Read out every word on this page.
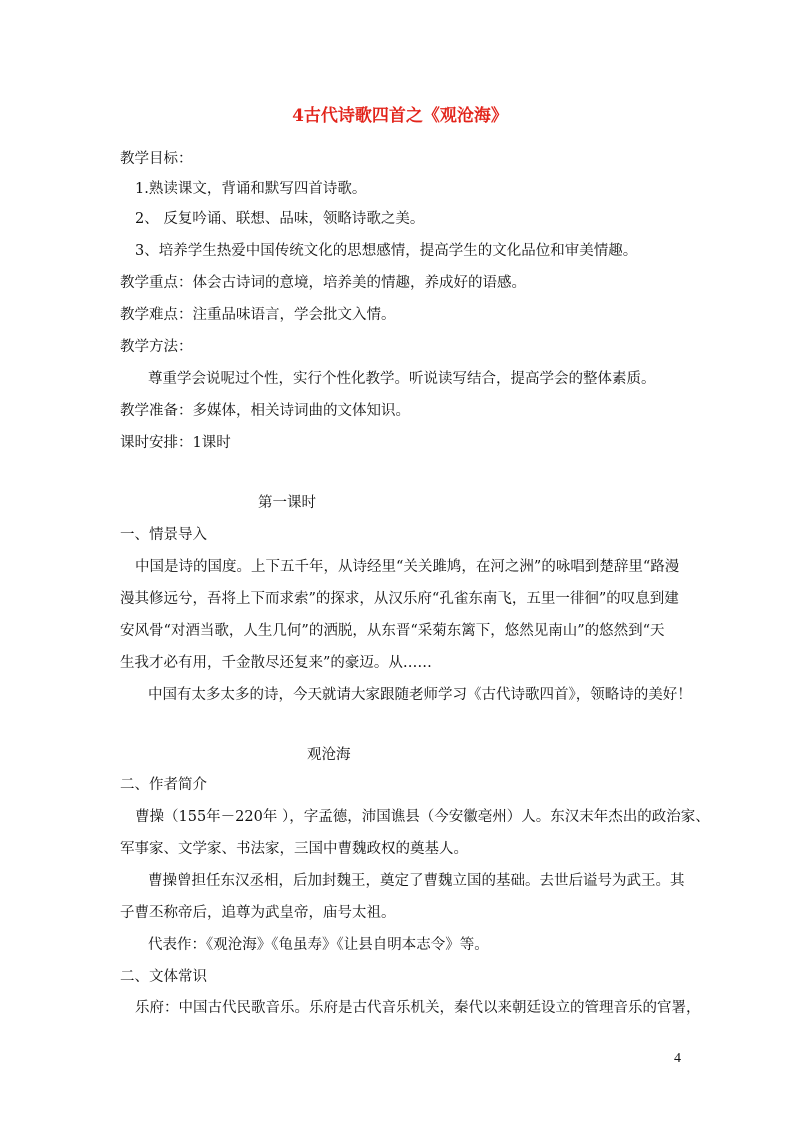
4古代诗歌四首之《观沧海》
教学目标：
1.熟读课文，背诵和默写四首诗歌。
2、 反复吟诵、联想、品味，领略诗歌之美。
3、培养学生热爱中国传统文化的思想感情，提高学生的文化品位和审美情趣。
教学重点：体会古诗词的意境，培养美的情趣，养成好的语感。
教学难点：注重品味语言，学会批文入情。
教学方法：
尊重学会说呢过个性，实行个性化教学。听说读写结合，提高学会的整体素质。
教学准备：多媒体，相关诗词曲的文体知识。
课时安排：1课时
第一课时
一、情景导入
中国是诗的国度。上下五千年，从诗经里“关关雎鸠，在河之洲”的咏唱到楚辞里“路漫
漫其修远兮，吾将上下而求索”的探求，从汉乐府“孔雀东南飞，五里一徘徊”的叹息到建
安风骨“对酒当歌，人生几何”的洒脱，从东晋“采菊东篱下，悠然见南山”的悠然到“天
生我才必有用，千金散尽还复来”的豪迈。从……
中国有太多太多的诗，今天就请大家跟随老师学习《古代诗歌四首》，领略诗的美好！
观沧海
二、作者简介
曹操（155年－220年 ），字孟德，沛国谯县（今安徽亳州）人。东汉末年杰出的政治家、
军事家、文学家、书法家，三国中曹魏政权的奠基人。
曹操曾担任东汉丞相，后加封魏王，奠定了曹魏立国的基础。去世后谥号为武王。其
子曹丕称帝后，追尊为武皇帝，庙号太祖。
代表作：《观沧海》《龟虽寿》《让县自明本志令》等。
二、文体常识
乐府：中国古代民歌音乐。乐府是古代音乐机关，秦代以来朝廷设立的管理音乐的官署，
4
